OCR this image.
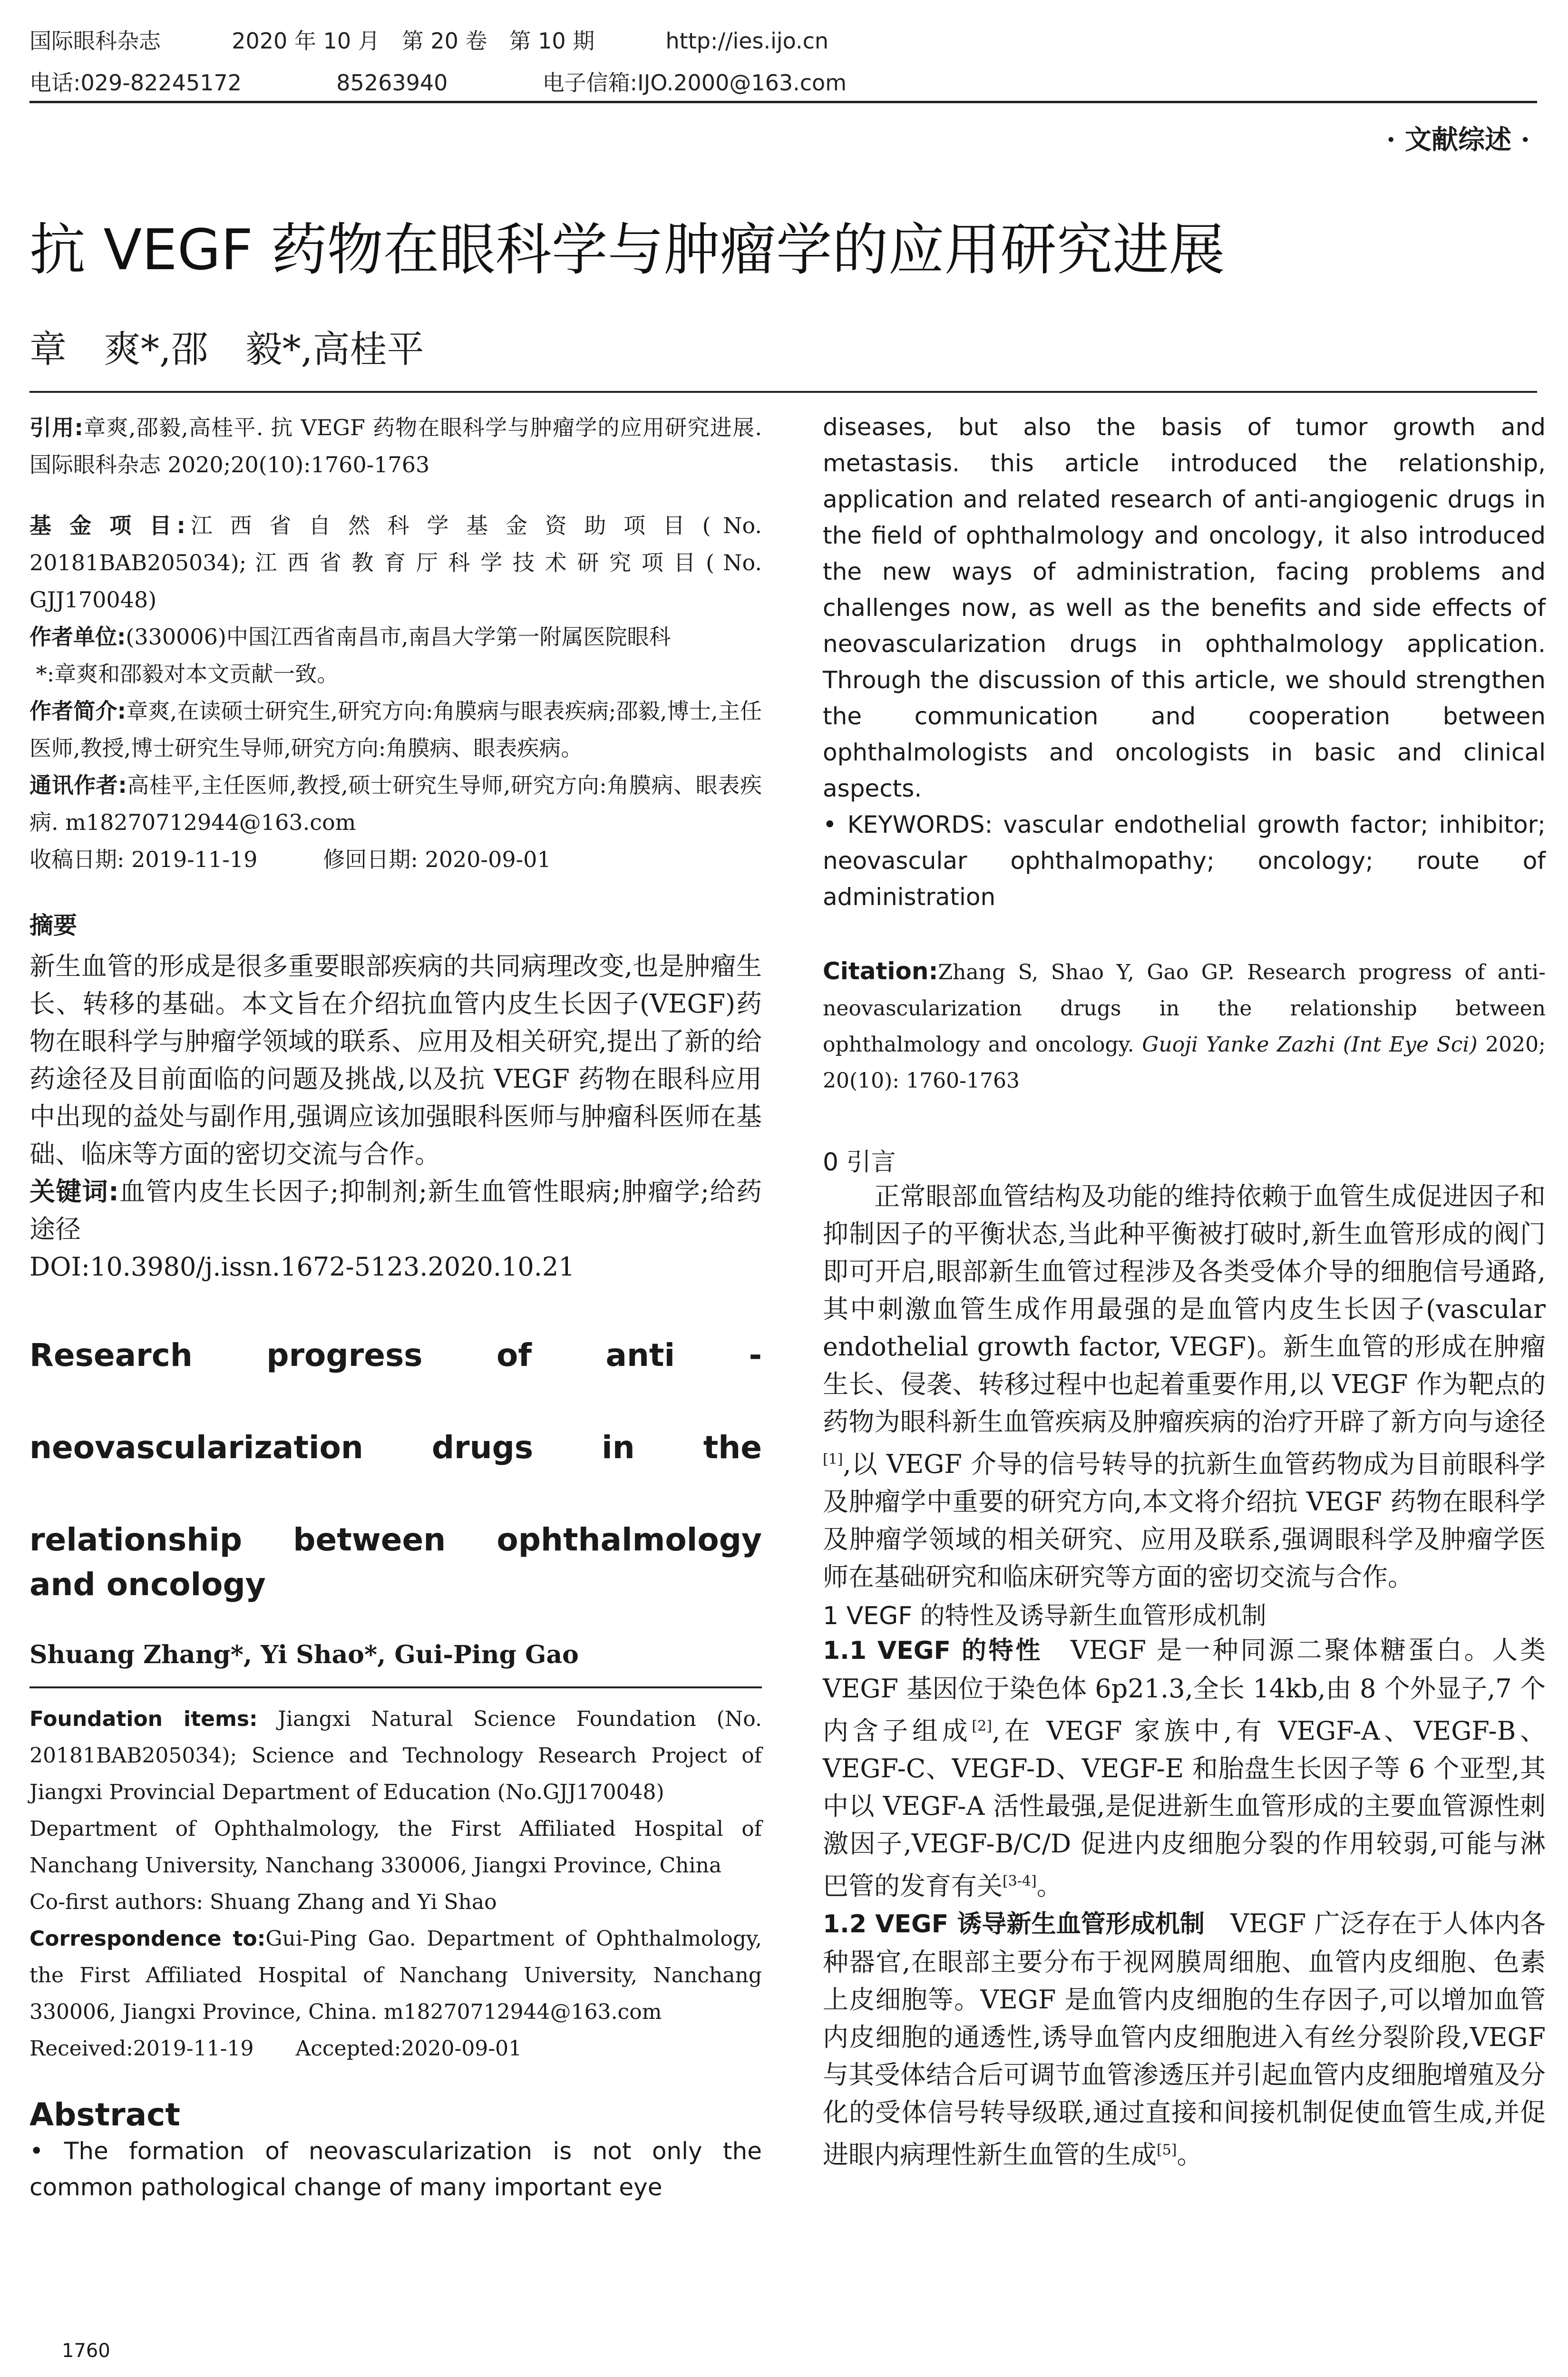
国际眼科杂志	2020 年 10 月　第 20 卷　第 10 期	http://ies.ijo.cn
电话:029-82245172	85263940	电子信箱:IJO.2000@163.com
· 文献综述 ·
抗 VEGF 药物在眼科学与肿瘤学的应用研究进展
章　爽*,邵　毅*,高桂平

引用:章爽,邵毅,高桂平. 抗 VEGF 药物在眼科学与肿瘤学的应用研究进展. 国际眼科杂志 2020;20(10):1760-1763

基 金 项 目:江 西 省 自 然 科 学 基 金 资 助 项 目 ( No. 20181BAB205034); 江 西 省 教 育 厅 科 学 技 术 研 究 项 目 ( No. GJJ170048)

作者单位:(330006)中国江西省南昌市,南昌大学第一附属医院眼科

*:章爽和邵毅对本文贡献一致。

作者简介:章爽,在读硕士研究生,研究方向:角膜病与眼表疾病;邵毅,博士,主任医师,教授,博士研究生导师,研究方向:角膜病、眼表疾病。

通讯作者:高桂平,主任医师,教授,硕士研究生导师,研究方向:角膜病、眼表疾病. m18270712944@163.com

收稿日期: 2019-11-19　　　修回日期: 2020-09-01

摘要

新生血管的形成是很多重要眼部疾病的共同病理改变,也是肿瘤生长、转移的基础。本文旨在介绍抗血管内皮生长因子(VEGF)药物在眼科学与肿瘤学领域的联系、应用及相关研究,提出了新的给药途径及目前面临的问题及挑战,以及抗 VEGF 药物在眼科应用中出现的益处与副作用,强调应该加强眼科医师与肿瘤科医师在基础、临床等方面的密切交流与合作。

关键词:血管内皮生长因子;抑制剂;新生血管性眼病;肿瘤学;给药途径

DOI:10.3980/j.issn.1672-5123.2020.10.21

Research progress of anti -

neovascularization drugs in the

relationship between ophthalmology

and oncology

Shuang Zhang*, Yi Shao*, Gui-Ping Gao

Foundation items: Jiangxi Natural Science Foundation (No. 20181BAB205034); Science and Technology Research Project of Jiangxi Provincial Department of Education (No.GJJ170048)

Department of Ophthalmology, the First Affiliated Hospital of Nanchang University, Nanchang 330006, Jiangxi Province, China

Co-first authors: Shuang Zhang and Yi Shao

Correspondence to:Gui-Ping Gao. Department of Ophthalmology, the First Affiliated Hospital of Nanchang University, Nanchang 330006, Jiangxi Province, China. m18270712944@163.com

Received:2019-11-19　　Accepted:2020-09-01

Abstract

• The formation of neovascularization is not only the common pathological change of many important eye

diseases, but also the basis of tumor growth and metastasis. this article introduced the relationship, application and related research of anti-angiogenic drugs in the field of ophthalmology and oncology, it also introduced the new ways of administration, facing problems and challenges now, as well as the benefits and side effects of neovascularization drugs in ophthalmology application. Through the discussion of this article, we should strengthen the communication and cooperation between ophthalmologists and oncologists in basic and clinical aspects.

• KEYWORDS: vascular endothelial growth factor; inhibitor; neovascular ophthalmopathy; oncology; route of administration

Citation:Zhang S, Shao Y, Gao GP. Research progress of anti-neovascularization drugs in the relationship between ophthalmology and oncology. Guoji Yanke Zazhi (Int Eye Sci) 2020; 20(10): 1760-1763

0 引言

正常眼部血管结构及功能的维持依赖于血管生成促进因子和抑制因子的平衡状态,当此种平衡被打破时,新生血管形成的阀门即可开启,眼部新生血管过程涉及各类受体介导的细胞信号通路,其中刺激血管生成作用最强的是血管内皮生长因子(vascular endothelial growth factor, VEGF)。新生血管的形成在肿瘤生长、侵袭、转移过程中也起着重要作用,以 VEGF 作为靶点的药物为眼科新生血管疾病及肿瘤疾病的治疗开辟了新方向与途径[1],以 VEGF 介导的信号转导的抗新生血管药物成为目前眼科学及肿瘤学中重要的研究方向,本文将介绍抗 VEGF 药物在眼科学及肿瘤学领域的相关研究、应用及联系,强调眼科学及肿瘤学医师在基础研究和临床研究等方面的密切交流与合作。

1 VEGF 的特性及诱导新生血管形成机制

1.1 VEGF 的特性　 VEGF 是一种同源二聚体糖蛋白。人类 VEGF 基因位于染色体 6p21.3,全长 14kb,由 8 个外显子,7 个内含子组成[2],在 VEGF 家族中,有 VEGF-A、VEGF-B、VEGF-C、VEGF-D、VEGF-E 和胎盘生长因子等 6 个亚型,其中以 VEGF-A 活性最强,是促进新生血管形成的主要血管源性刺激因子,VEGF-B/C/D 促进内皮细胞分裂的作用较弱,可能与淋巴管的发育有关[3-4]。

1.2 VEGF 诱导新生血管形成机制　 VEGF 广泛存在于人体内各种器官,在眼部主要分布于视网膜周细胞、血管内皮细胞、色素上皮细胞等。VEGF 是血管内皮细胞的生存因子,可以增加血管内皮细胞的通透性,诱导血管内皮细胞进入有丝分裂阶段,VEGF 与其受体结合后可调节血管渗透压并引起血管内皮细胞增殖及分化的受体信号转导级联,通过直接和间接机制促使血管生成,并促进眼内病理性新生血管的生成[5]。

1760
